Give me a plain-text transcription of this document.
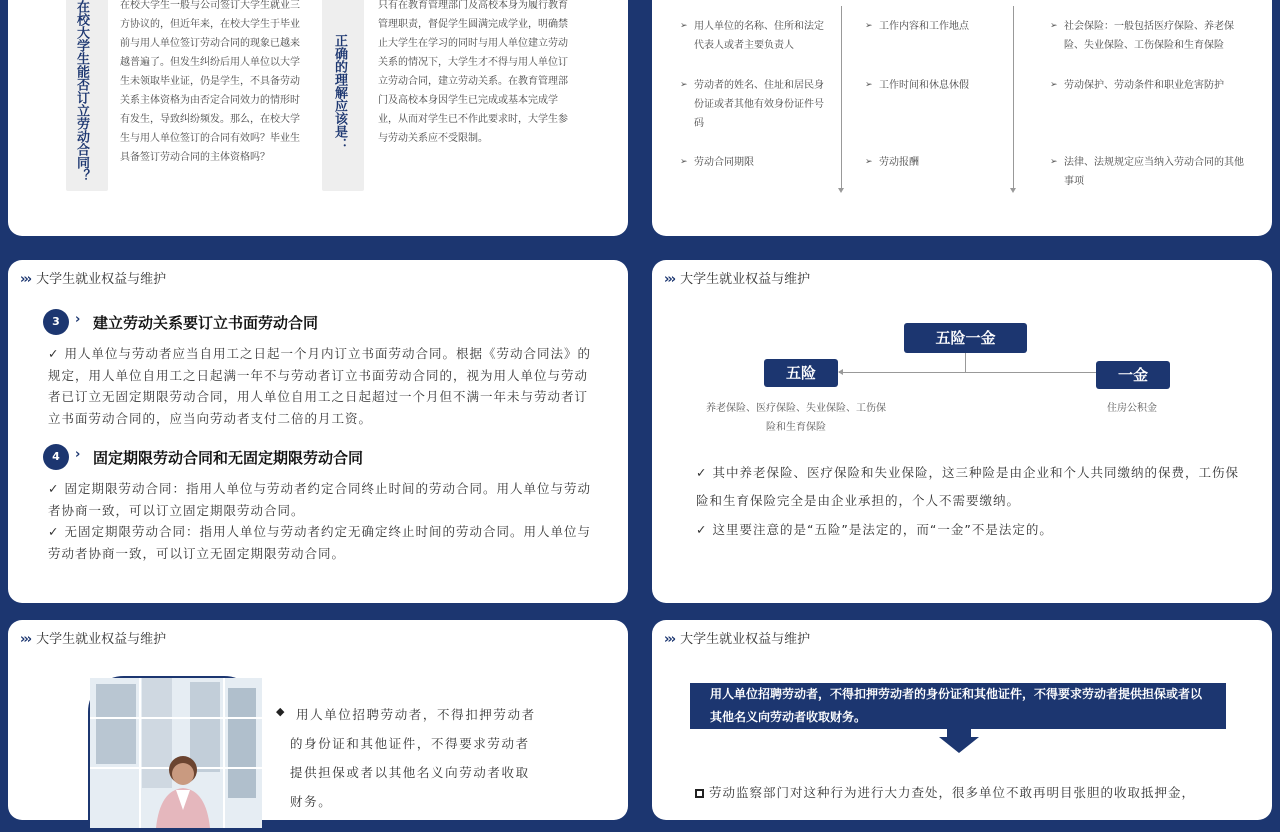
在校大学生能否订立劳动合同？	在校大学生一般与公司签订大学生就业三方协议的，但近年来，在校大学生于毕业前与用人单位签订劳动合同的现象已越来越普遍了。但发生纠纷后用人单位以大学生未领取毕业证，仍是学生，不具备劳动关系主体资格为由否定合同效力的情形时有发生，导致纠纷频发。那么，在校大学生与用人单位签订的合同有效吗？毕业生具备签订劳动合同的主体资格吗？
正确的理解应该是：
只有在教育管理部门及高校本身为履行教育管理职责，督促学生圆满完成学业，明确禁止大学生在学习的同时与用人单位建立劳动关系的情况下，大学生才不得与用人单位订立劳动合同，建立劳动关系。在教育管理部门及高校本身因学生已完成或基本完成学业，从而对学生已不作此要求时，大学生参与劳动关系应不受限制。
➢ 用人单位的名称、住所和法定代表人或者主要负责人
➢ 劳动者的姓名、住址和居民身份证或者其他有效身份证件号码
➢ 劳动合同期限
➢ 工作内容和工作地点
➢ 工作时间和休息休假
➢ 劳动报酬
➢ 社会保险：一般包括医疗保险、养老保险、失业保险、工伤保险和生育保险
➢ 劳动保护、劳动条件和职业危害防护
➢ 法律、法规规定应当纳入劳动合同的其他事项
››› 大学生就业权益与维护
3	› 建立劳动关系要订立书面劳动合同
✓ 用人单位与劳动者应当自用工之日起一个月内订立书面劳动合同。根据《劳动合同法》的规定，用人单位自用工之日起满一年不与劳动者订立书面劳动合同的，视为用人单位与劳动者已订立无固定期限劳动合同，用人单位自用工之日起超过一个月但不满一年未与劳动者订立书面劳动合同的，应当向劳动者支付二倍的月工资。
4	› 固定期限劳动合同和无固定期限劳动合同
✓ 固定期限劳动合同：指用人单位与劳动者约定合同终止时间的劳动合同。用人单位与劳动者协商一致，可以订立固定期限劳动合同。
✓ 无固定期限劳动合同：指用人单位与劳动者约定无确定终止时间的劳动合同。用人单位与劳动者协商一致，可以订立无固定期限劳动合同。
››› 大学生就业权益与维护
五险一金
五险	一金
养老保险、医疗保险、失业保险、工伤保险和生育保险
住房公积金
✓ 其中养老保险、医疗保险和失业保险，这三种险是由企业和个人共同缴纳的保费，工伤保险和生育保险完全是由企业承担的，个人不需要缴纳。
✓ 这里要注意的是“五险”是法定的，而“一金”不是法定的。
››› 大学生就业权益与维护
◆ 用人单位招聘劳动者，不得扣押劳动者的身份证和其他证件，不得要求劳动者提供担保或者以其他名义向劳动者收取财务。
››› 大学生就业权益与维护
用人单位招聘劳动者，不得扣押劳动者的身份证和其他证件，不得要求劳动者提供担保或者以其他名义向劳动者收取财务。
劳动监察部门对这种行为进行大力查处，很多单位不敢再明目张胆的收取抵押金，
